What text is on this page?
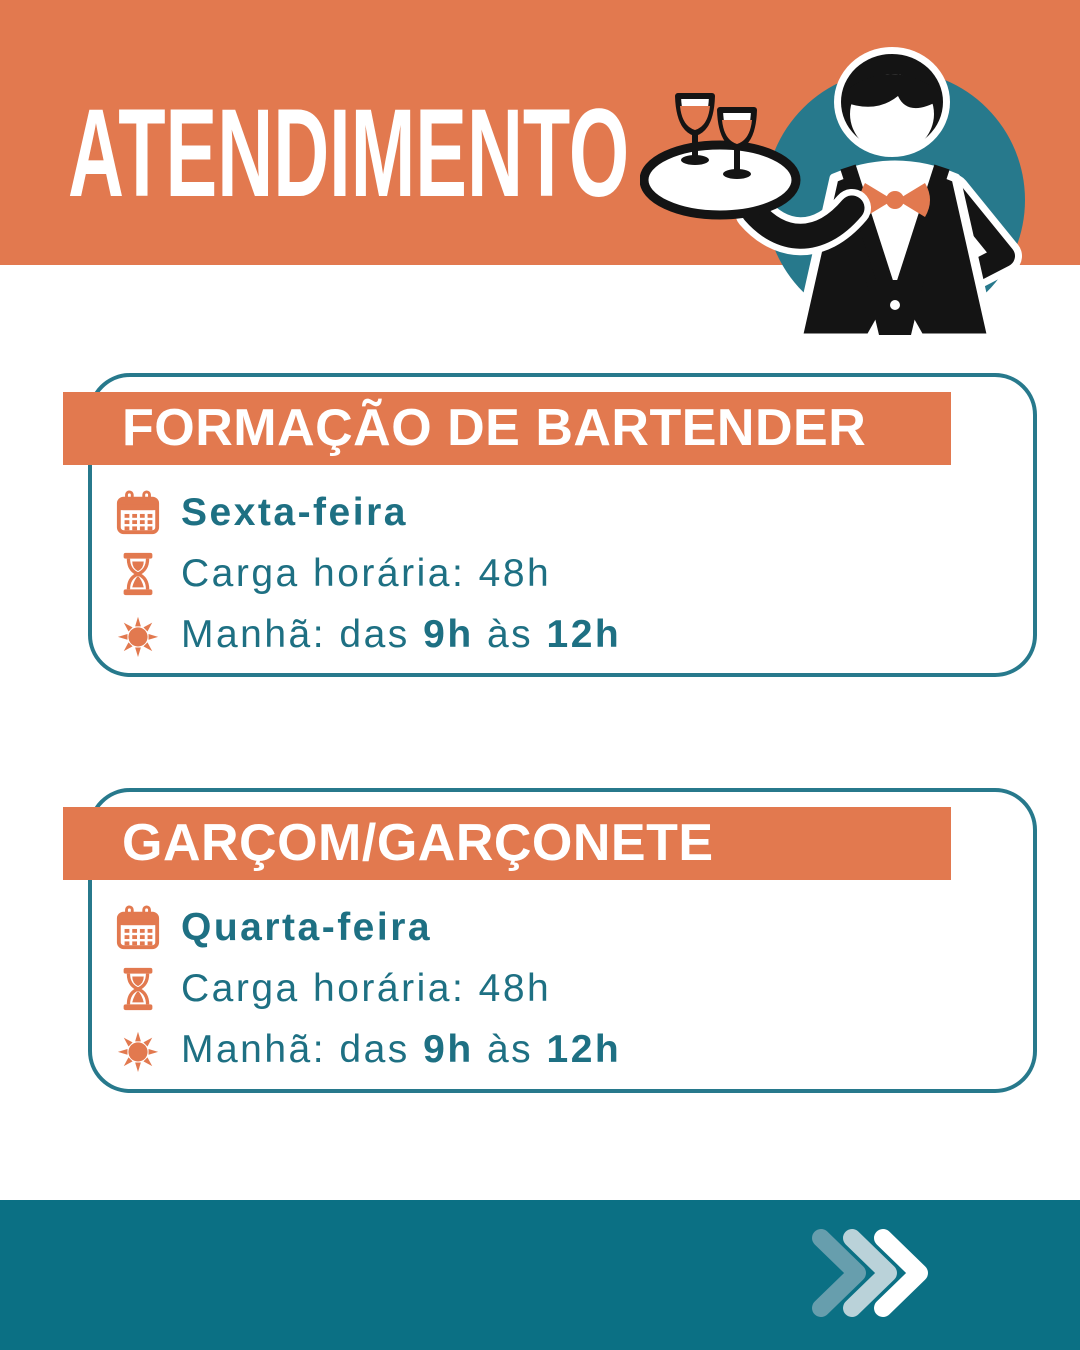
ATENDIMENTO
FORMAÇÃO DE BARTENDER
Sexta-feira
Carga horária: 48h
Manhã: das 9h às 12h
GARÇOM/GARÇONETE
Quarta-feira
Carga horária: 48h
Manhã: das 9h às 12h
